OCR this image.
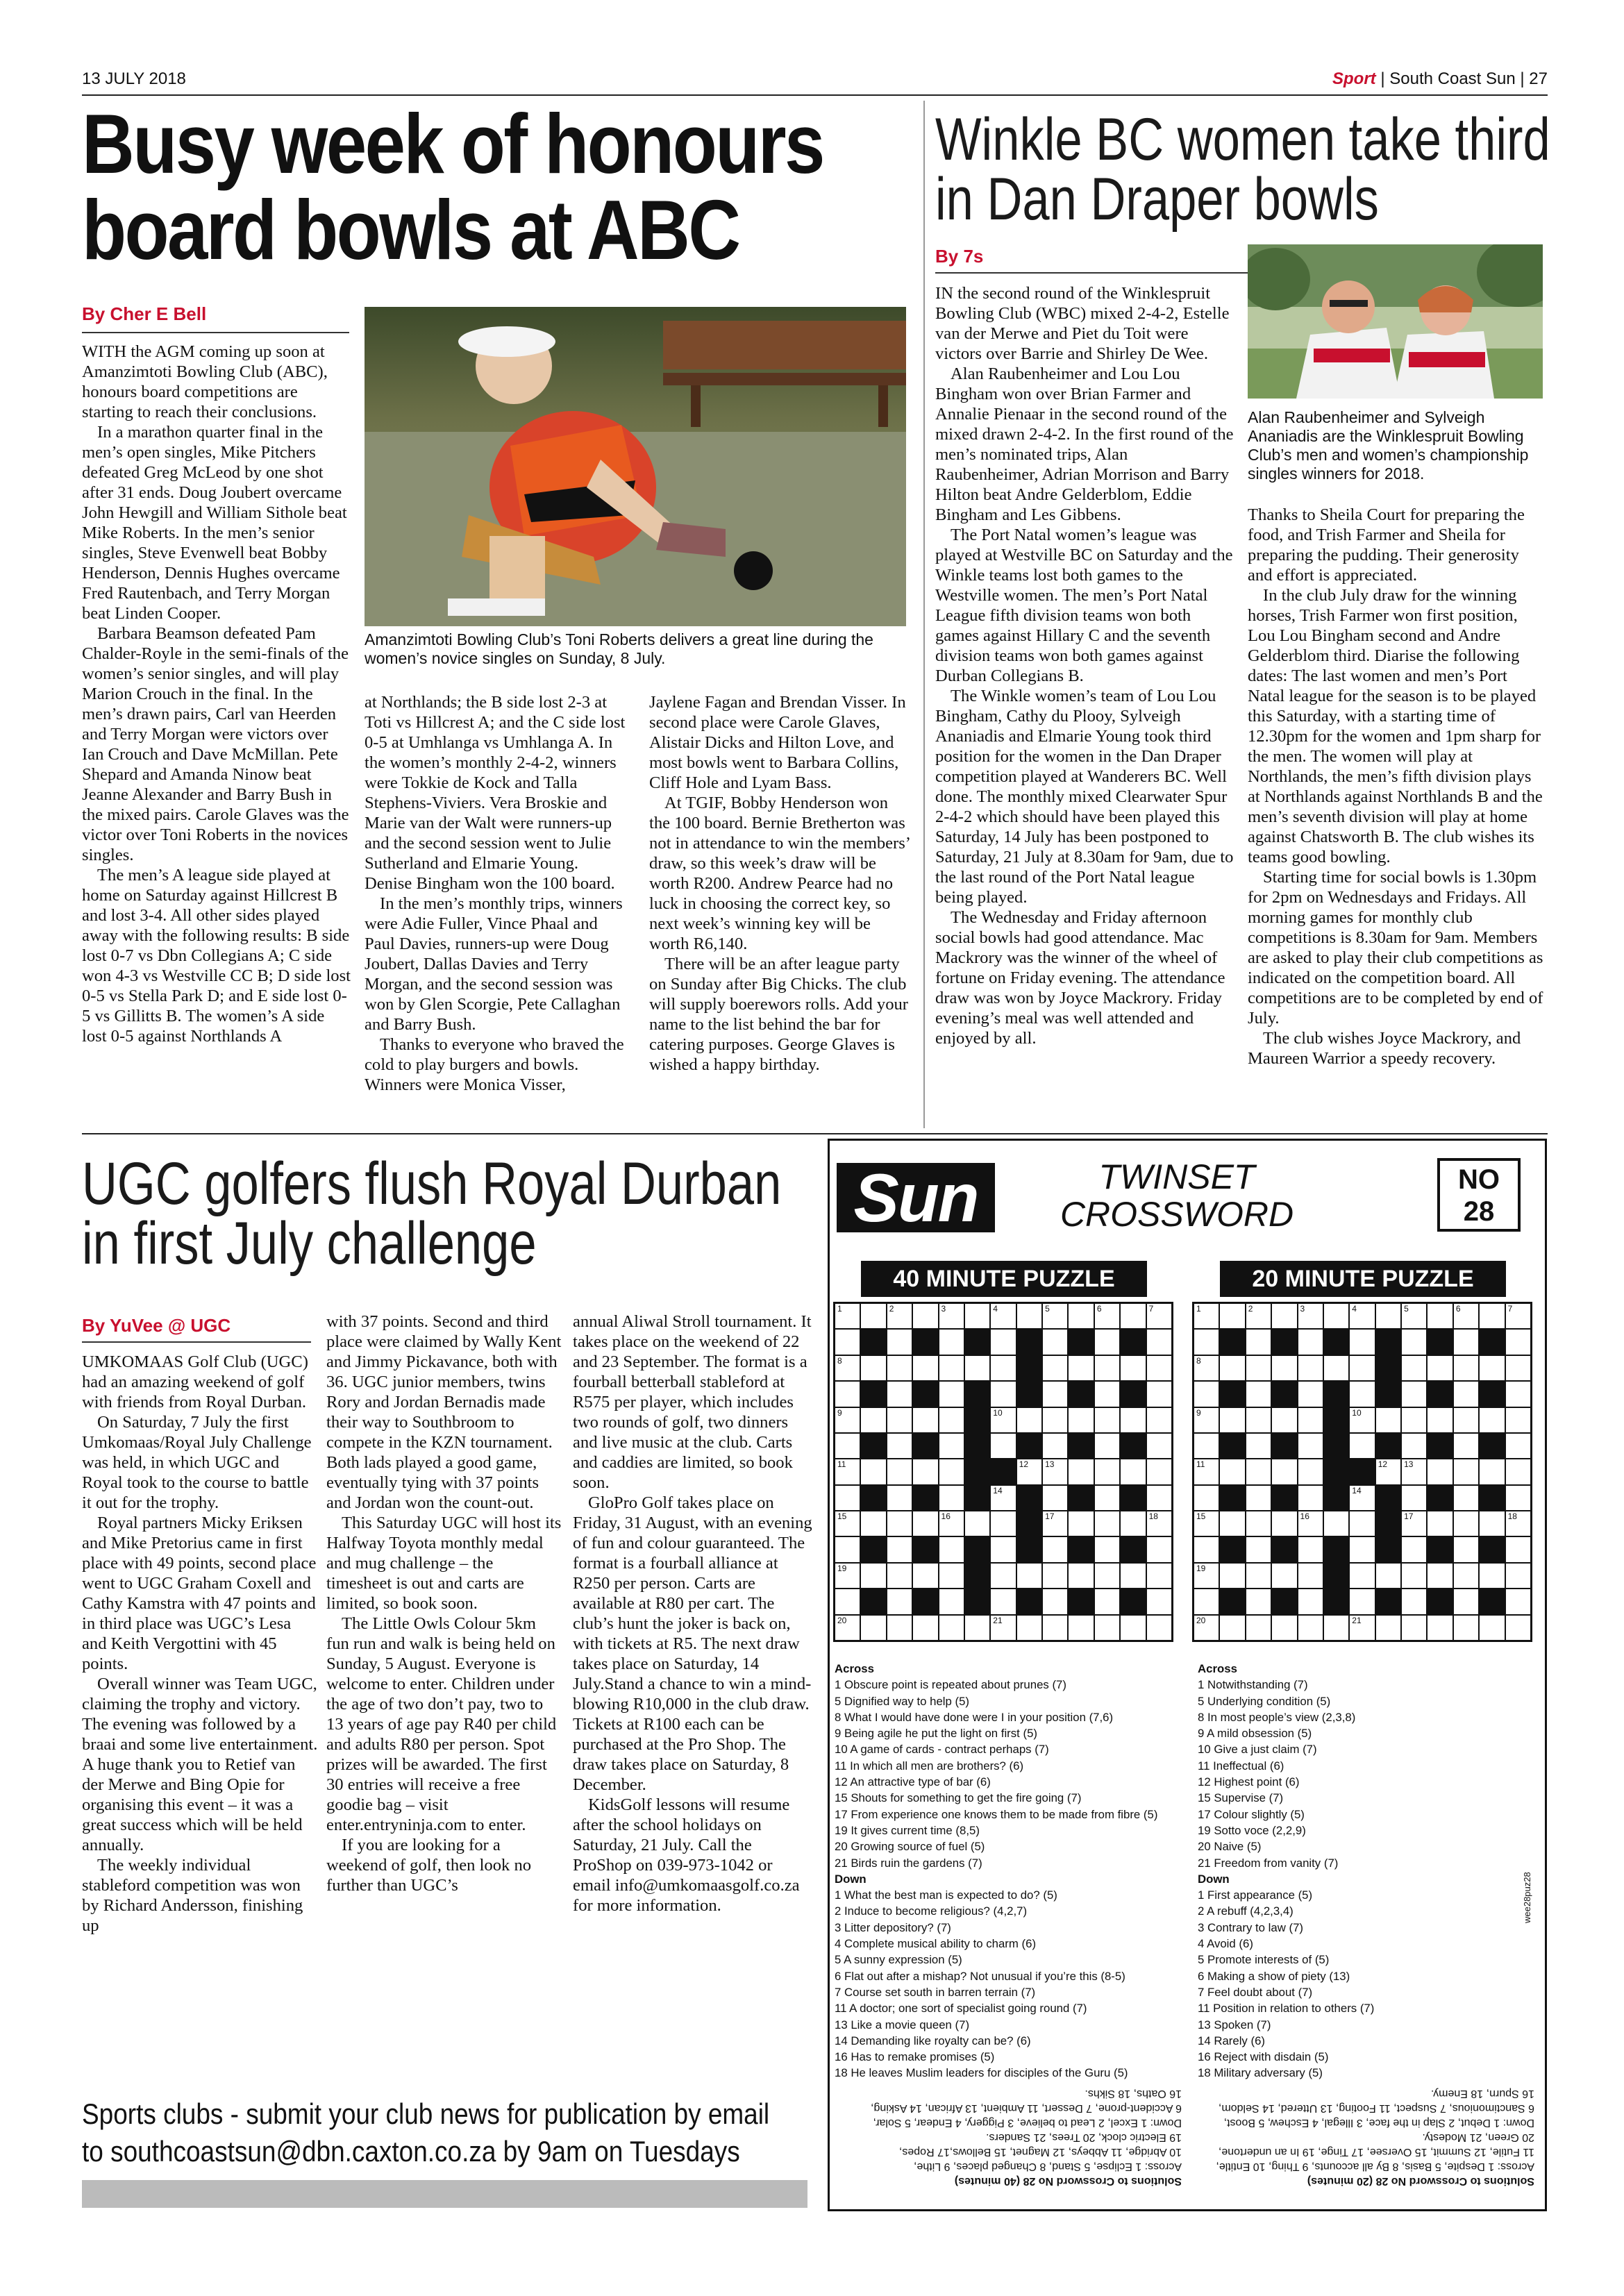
13 JULY 2018	Sport | South Coast Sun | 27
Busy week of honours
board bowls at ABC
By Cher E Bell

WITH the AGM coming up soon at Amanzimtoti Bowling Club (ABC), honours board competitions are starting to reach their conclusions.

In a marathon quarter final in the men’s open singles, Mike Pitchers defeated Greg McLeod by one shot after 31 ends. Doug Joubert overcame John Hewgill and William Sithole beat Mike Roberts. In the men’s senior singles, Steve Evenwell beat Bobby Henderson, Dennis Hughes overcame Fred Rautenbach, and Terry Morgan beat Linden Cooper.

Barbara Beamson defeated Pam Chalder-Royle in the semi-finals of the women’s senior singles, and will play Marion Crouch in the final. In the men’s drawn pairs, Carl van Heerden and Terry Morgan were victors over Ian Crouch and Dave McMillan. Pete Shepard and Amanda Ninow beat Jeanne Alexander and Barry Bush in the mixed pairs. Carole Glaves was the victor over Toni Roberts in the novices singles.

The men’s A league side played at home on Saturday against Hillcrest B and lost 3-4. All other sides played away with the following results: B side lost 0-7 vs Dbn Collegians A; C side won 4-3 vs Westville CC B; D side lost 0-5 vs Stella Park D; and E side lost 0-5 vs Gillitts B. The women’s A side lost 0-5 against Northlands A

Amanzimtoti Bowling Club’s Toni Roberts delivers a great line during the women’s novice singles on Sunday, 8 July.

at Northlands; the B side lost 2-3 at Toti vs Hillcrest A; and the C side lost 0-5 at Umhlanga vs Umhlanga A. In the women’s monthly 2-4-2, winners were Tokkie de Kock and Talla Stephens-Viviers. Vera Broskie and Marie van der Walt were runners-up and the second session went to Julie Sutherland and Elmarie Young. Denise Bingham won the 100 board.

In the men’s monthly trips, winners were Adie Fuller, Vince Phaal and Paul Davies, runners-up were Doug Joubert, Dallas Davies and Terry Morgan, and the second session was won by Glen Scorgie, Pete Callaghan and Barry Bush.

Thanks to everyone who braved the cold to play burgers and bowls. Winners were Monica Visser,

Jaylene Fagan and Brendan Visser. In second place were Carole Glaves, Alistair Dicks and Hilton Love, and most bowls went to Barbara Collins, Cliff Hole and Lyam Bass.

At TGIF, Bobby Henderson won the 100 board. Bernie Bretherton was not in attendance to win the members’ draw, so this week’s draw will be worth R200. Andrew Pearce had no luck in choosing the correct key, so next week’s winning key will be worth R6,140.

There will be an after league party on Sunday after Big Chicks. The club will supply boerewors rolls. Add your name to the list behind the bar for catering purposes. George Glaves is wished a happy birthday.

Winkle BC women take third
in Dan Draper bowls
By 7s

IN the second round of the Winklespruit Bowling Club (WBC) mixed 2-4-2, Estelle van der Merwe and Piet du Toit were victors over Barrie and Shirley De Wee.

Alan Raubenheimer and Lou Lou Bingham won over Brian Farmer and Annalie Pienaar in the second round of the mixed drawn 2-4-2. In the first round of the men’s nominated trips, Alan Raubenheimer, Adrian Morrison and Barry Hilton beat Andre Gelderblom, Eddie Bingham and Les Gibbens.

The Port Natal women’s league was played at Westville BC on Saturday and the Winkle teams lost both games to the Westville women. The men’s Port Natal League fifth division teams won both games against Hillary C and the seventh division teams won both games against Durban Collegians B.

The Winkle women’s team of Lou Lou Bingham, Cathy du Plooy, Sylveigh Ananiadis and Elmarie Young took third position for the women in the Dan Draper competition played at Wanderers BC. Well done. The monthly mixed Clearwater Spur 2-4-2 which should have been played this Saturday, 14 July has been postponed to Saturday, 21 July at 8.30am for 9am, due to the last round of the Port Natal league being played.

The Wednesday and Friday afternoon social bowls had good attendance. Mac Mackrory was the winner of the wheel of fortune on Friday evening. The attendance draw was won by Joyce Mackrory. Friday evening’s meal was well attended and enjoyed by all.

Alan Raubenheimer and Sylveigh Ananiadis are the Winklespruit Bowling Club’s men and women’s championship singles winners for 2018.

Thanks to Sheila Court for preparing the food, and Trish Farmer and Sheila for preparing the pudding. Their generosity and effort is appreciated.

In the club July draw for the winning horses, Trish Farmer won first position, Lou Lou Bingham second and Andre Gelderblom third. Diarise the following dates: The last women and men’s Port Natal league for the season is to be played this Saturday, with a starting time of 12.30pm for the women and 1pm sharp for the men. The women will play at Northlands, the men’s fifth division plays at Northlands against Northlands B and the men’s seventh division will play at home against Chatsworth B. The club wishes its teams good bowling.

Starting time for social bowls is 1.30pm for 2pm on Wednesdays and Fridays. All morning games for monthly club competitions is 8.30am for 9am. Members are asked to play their club competitions as indicated on the competition board. All competitions are to be completed by end of July.

The club wishes Joyce Mackrory, and Maureen Warrior a speedy recovery.

UGC golfers flush Royal Durban
in first July challenge
By YuVee @ UGC

UMKOMAAS Golf Club (UGC) had an amazing weekend of golf with friends from Royal Durban.

On Saturday, 7 July the first Umkomaas/Royal July Challenge was held, in which UGC and Royal took to the course to battle it out for the trophy.

Royal partners Micky Eriksen and Mike Pretorius came in first place with 49 points, second place went to UGC Graham Coxell and Cathy Kamstra with 47 points and in third place was UGC’s Lesa and Keith Vergottini with 45 points.

Overall winner was Team UGC, claiming the trophy and victory. The evening was followed by a braai and some live entertainment.

A huge thank you to Retief van der Merwe and Bing Opie for organising this event – it was a great success which will be held annually.

The weekly individual stableford competition was won by Richard Andersson, finishing up

with 37 points. Second and third place were claimed by Wally Kent and Jimmy Pickavance, both with 36. UGC junior members, twins Rory and Jordan Bernadis made their way to Southbroom to compete in the KZN tournament. Both lads played a good game, eventually tying with 37 points and Jordan won the count-out.

This Saturday UGC will host its Halfway Toyota monthly medal and mug challenge – the timesheet is out and carts are limited, so book soon.

The Little Owls Colour 5km fun run and walk is being held on Sunday, 5 August. Everyone is welcome to enter. Children under the age of two don’t pay, two to 13 years of age pay R40 per child and adults R80 per person. Spot prizes will be awarded. The first 30 entries will receive a free goodie bag – visit enter.entryninja.com to enter.

If you are looking for a weekend of golf, then look no further than UGC’s

annual Aliwal Stroll tournament. It takes place on the weekend of 22 and 23 September. The format is a fourball betterball stableford at R575 per player, which includes two rounds of golf, two dinners and live music at the club. Carts and caddies are limited, so book soon.

GloPro Golf takes place on Friday, 31 August, with an evening of fun and colour guaranteed. The format is a fourball alliance at R250 per person. Carts are available at R80 per cart. The club’s hunt the joker is back on, with tickets at R5. The next draw takes place on Saturday, 14 July.Stand a chance to win a mind-blowing R10,000 in the club draw. Tickets at R100 each can be purchased at the Pro Shop. The draw takes place on Saturday, 8 December.

KidsGolf lessons will resume after the school holidays on Saturday, 21 July. Call the ProShop on 039-973-1042 or email info@umkomaasgolf.co.za for more information.

Sports clubs - submit your club news for publication by email
to southcoastsun@dbn.caxton.co.za by 9am on Tuesdays
Sun	TWINSET
CROSSWORD
NO
28
40 MINUTE PUZZLE	20 MINUTE PUZZLE
1	2	3	4	5	6	7
8
9	10
11	12 13
14
15	16	17	18
19
20	21
1	2	3	4	5	6	7
8
9	10
11	12 13
14
15	16	17	18
19
20	21
Across
1 Obscure point is repeated about prunes (7)
5 Dignified way to help (5)
8 What I would have done were I in your position (7,6)
9 Being agile he put the light on first (5)
10 A game of cards - contract perhaps (7)
11 In which all men are brothers? (6)
12 An attractive type of bar (6)
15 Shouts for something to get the fire going (7)
17 From experience one knows them to be made from fibre (5)
19 It gives current time (8,5)
20 Growing source of fuel (5)
21 Birds ruin the gardens (7)
Down
1 What the best man is expected to do? (5)
2 Induce to become religious? (4,2,7)
3 Litter depository? (7)
4 Complete musical ability to charm (6)
5 A sunny expression (5)
6 Flat out after a mishap? Not unusual if you’re this (8-5)
7 Course set south in barren terrain (7)
11 A doctor; one sort of specialist going round (7)
13 Like a movie queen (7)
14 Demanding like royalty can be? (6)
16 Has to remake promises (5)
18 He leaves Muslim leaders for disciples of the Guru (5)
Across
1 Notwithstanding (7)
5 Underlying condition (5)
8 In most people’s view (2,3,8)
9 A mild obsession (5)
10 Give a just claim (7)
11 Ineffectual (6)
12 Highest point (6)
15 Supervise (7)
17 Colour slightly (5)
19 Sotto voce (2,2,9)
20 Naive (5)
21 Freedom from vanity (7)
Down
1 First appearance (5)
2 A rebuff (4,2,3,4)
3 Contrary to law (7)
4 Avoid (6)
5 Promote interests of (5)
6 Making a show of piety (13)
7 Feel doubt about (7)
11 Position in relation to others (7)
13 Spoken (7)
14 Rarely (6)
16 Reject with disdain (5)
18 Military adversary (5)
wee28puz28
Solutions to Crossword No 28 (40 minutes)
Across: 1 Eclipse, 5 Stand, 8 Changed places, 9 Lithe,
10 Abridge, 11 Abbeys, 12 Magnet, 15 Bellows,17 Ropes,
19 Electric clock, 20 Trees, 21 Sanders.
Down: 1 Excel, 2 Lead to believe, 3 Piggery, 4 Endear, 5 Solar,
6 Accident-prone, 7 Dessert, 11 Ambient, 13 African, 14 Asking,
16 Oaths, 18 Sikhs.
Solutions to Crossword No 28 (20 minutes)
Across: 1 Despite, 5 Basis, 8 By all accounts, 9 Thing, 10 Entitle,
11 Futile, 12 Summit, 15 Oversee, 17 Tinge, 19 In an undertone,
20 Green, 21 Modesty.
Down: 1 Debut, 2 Slap in the face, 3 Illegal, 4 Eschew, 5 Boost,
6 Sanctimonious, 7 Suspect, 11 Footing, 13 Uttered, 14 Seldom,
16 Spurn, 18 Enemy.
